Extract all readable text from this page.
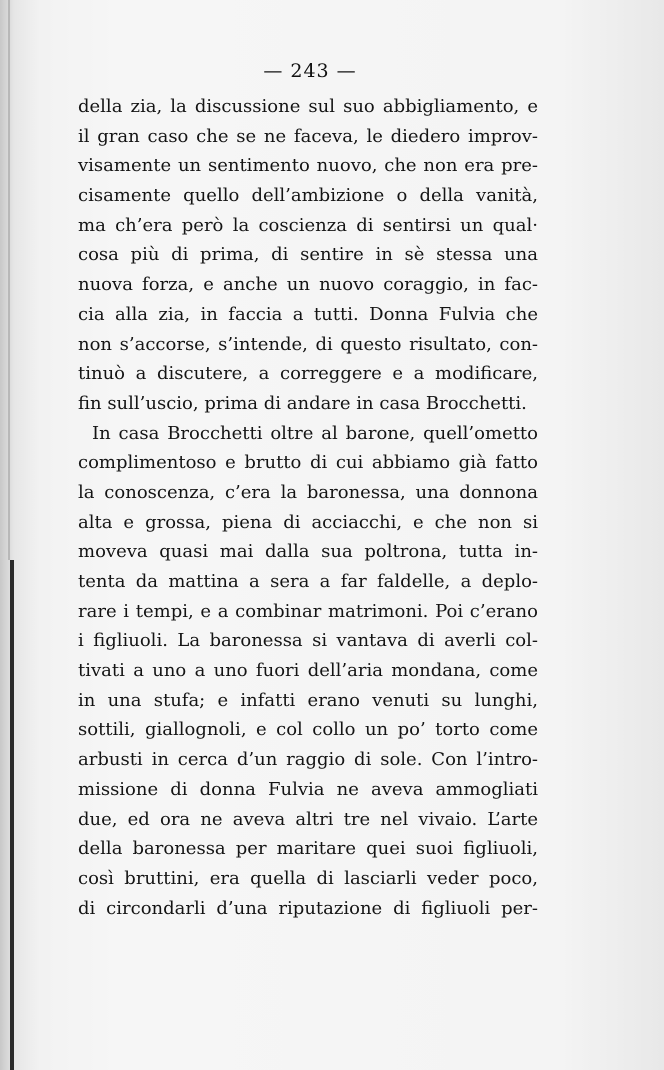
— 243 —
della zia, la discussione sul suo abbigliamento, e
il gran caso che se ne faceva, le diedero improv-
visamente un sentimento nuovo, che non era pre-
cisamente quello dell’ambizione o della vanità,
ma ch’era però la coscienza di sentirsi un qual·
cosa più di prima, di sentire in sè stessa una
nuova forza, e anche un nuovo coraggio, in fac-
cia alla zia, in faccia a tutti. Donna Fulvia che
non s’accorse, s’intende, di questo risultato, con-
tinuò a discutere, a correggere e a modificare,
fin sull’uscio, prima di andare in casa Brocchetti.
In casa Brocchetti oltre al barone, quell’ometto
complimentoso e brutto di cui abbiamo già fatto
la conoscenza, c’era la baronessa, una donnona
alta e grossa, piena di acciacchi, e che non si
moveva quasi mai dalla sua poltrona, tutta in-
tenta da mattina a sera a far faldelle, a deplo-
rare i tempi, e a combinar matrimoni. Poi c’erano
i figliuoli. La baronessa si vantava di averli col-
tivati a uno a uno fuori dell’aria mondana, come
in una stufa; e infatti erano venuti su lunghi,
sottili, giallognoli, e col collo un po’ torto come
arbusti in cerca d’un raggio di sole. Con l’intro-
missione di donna Fulvia ne aveva ammogliati
due, ed ora ne aveva altri tre nel vivaio. L’arte
della baronessa per maritare quei suoi figliuoli,
così bruttini, era quella di lasciarli veder poco,
di circondarli d’una riputazione di figliuoli per-
